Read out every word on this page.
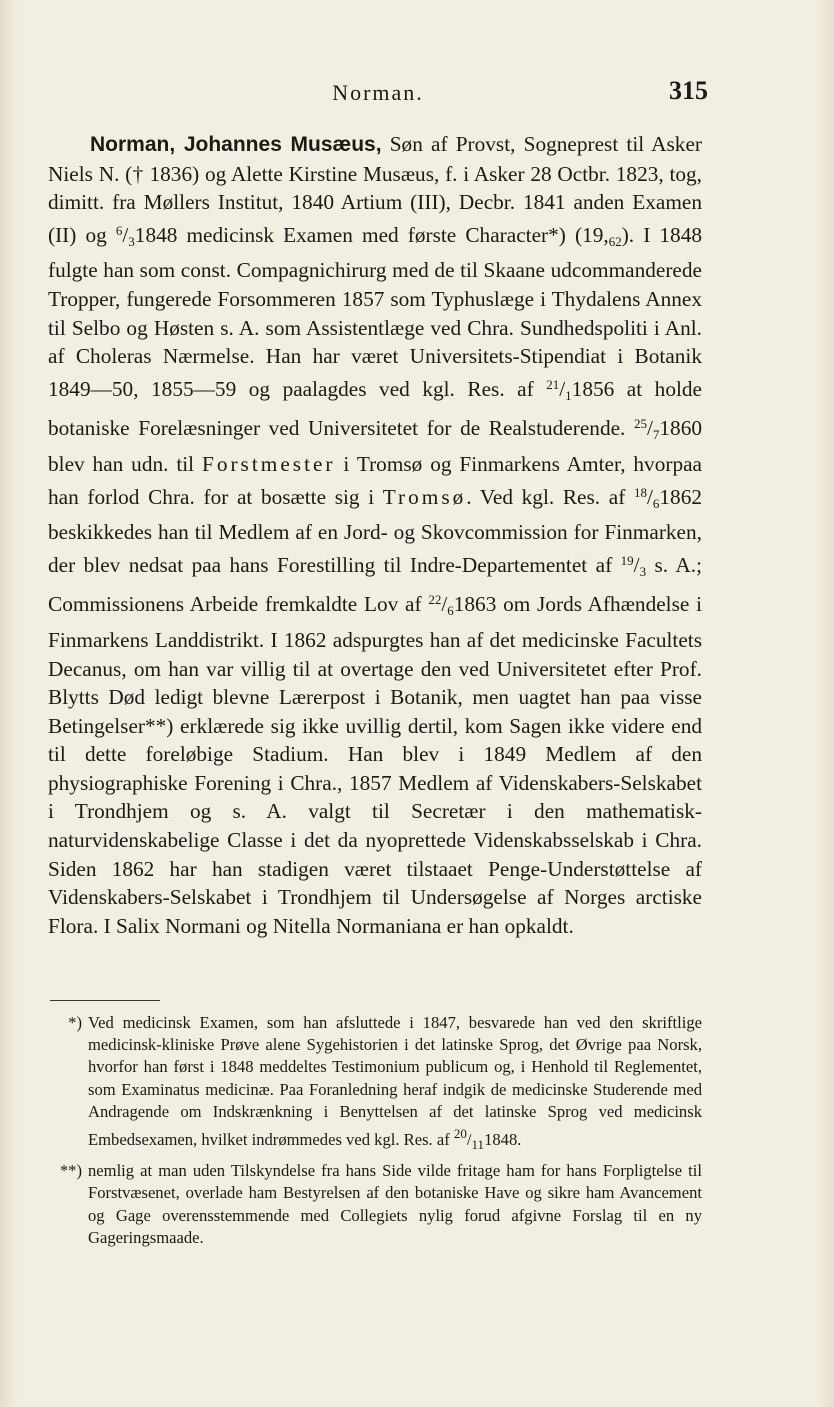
Norman.	315

Norman, Johannes Musæus, Søn af Provst, Sogneprest til Asker Niels N. († 1836) og Alette Kirstine Musæus, f. i Asker 28 Octbr. 1823, tog, dimitt. fra Møllers Institut, 1840 Artium (III), Decbr. 1841 anden Examen (II) og $^6/_31848$ medicinsk Examen med første Character*) $(19,_{62})$. I 1848 fulgte han som const. Compagnichirurg med de til Skaane udcommanderede Tropper, fungerede Forsommeren 1857 som Typhuslæge i Thydalens Annex til Selbo og Høsten s. A. som Assistentlæge ved Chra. Sundhedspoliti i Anl. af Choleras Nærmelse. Han har været Universitets-Stipendiat i Botanik 1849—50, 1855—59 og paalagdes ved kgl. Res. af $^{21}/_11856$ at holde botaniske Forelæsninger ved Universitetet for de Realstuderende. $^{25}/_71860$ blev han udn. til Forstmester i Tromsø og Finmarkens Amter, hvorpaa han forlod Chra. for at bosætte sig i Tromsø. Ved kgl. Res. af $^{18}/_61862$ beskikkedes han til Medlem af en Jord- og Skovcommission for Finmarken, der blev nedsat paa hans Forestilling til Indre-Departementet af $^{19}/_3$ s. A.; Commissionens Arbeide fremkaldte Lov af $^{22}/_61863$ om Jords Afhændelse i Finmarkens Landdistrikt. I 1862 adspurgtes han af det medicinske Facultets Decanus, om han var villig til at overtage den ved Universitetet efter Prof. Blytts Død ledigt blevne Lærerpost i Botanik, men uagtet han paa visse Betingelser**) erklærede sig ikke uvillig dertil, kom Sagen ikke videre end til dette foreløbige Stadium. Han blev i 1849 Medlem af den physiographiske Forening i Chra., 1857 Medlem af Videnskabers-Selskabet i Trondhjem og s. A. valgt til Secretær i den mathematisk-naturvidenskabelige Classe i det da nyoprettede Videnskabsselskab i Chra. Siden 1862 har han stadigen været tilstaaet Penge-Understøttelse af Videnskabers-Selskabet i Trondhjem til Undersøgelse af Norges arctiske Flora. I Salix Normani og Nitella Normaniana er han opkaldt.

*) Ved medicinsk Examen, som han afsluttede i 1847, besvarede han ved den skriftlige medicinsk-kliniske Prøve alene Sygehistorien i det latinske Sprog, det Øvrige paa Norsk, hvorfor han først i 1848 meddeltes Testimonium publicum og, i Henhold til Reglementet, som Examinatus medicinæ. Paa Foranledning heraf indgik de medicinske Studerende med Andragende om Indskrænkning i Benyttelsen af det latinske Sprog ved medicinsk Embedsexamen, hvilket indrømmedes ved kgl. Res. af $^{20}/_{11}1848$.
**) nemlig at man uden Tilskyndelse fra hans Side vilde fritage ham for hans Forpligtelse til Forstvæsenet, overlade ham Bestyrelsen af den botaniske Have og sikre ham Avancement og Gage overensstemmende med Collegiets nylig forud afgivne Forslag til en ny Gageringsmaade.
